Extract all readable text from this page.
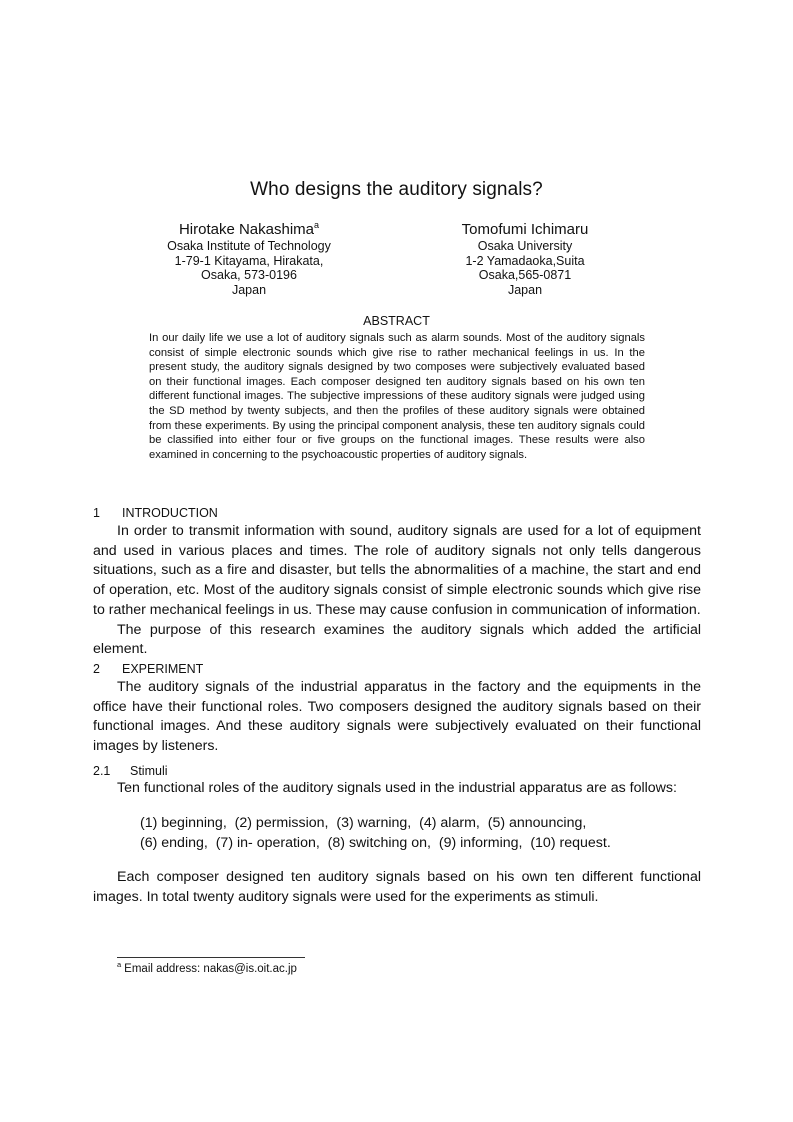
Who designs the auditory signals?
Hirotake Nakashima$^a$
Osaka Institute of Technology
1-79-1 Kitayama, Hirakata,
Osaka, 573-0196
Japan
Tomofumi Ichimaru
Osaka University
1-2 Yamadaoka,Suita
Osaka,565-0871
Japan
ABSTRACT
In our daily life we use a lot of auditory signals such as alarm sounds. Most of the auditory signals consist of simple electronic sounds which give rise to rather mechanical feelings in us. In the present study, the auditory signals designed by two composes were subjectively evaluated based on their functional images. Each composer designed ten auditory signals based on his own ten different functional images. The subjective impressions of these auditory signals were judged using the SD method by twenty subjects, and then the profiles of these auditory signals were obtained from these experiments. By using the principal component analysis, these ten auditory signals could be classified into either four or five groups on the functional images. These results were also examined in concerning to the psychoacoustic properties of auditory signals.
1 INTRODUCTION

In order to transmit information with sound, auditory signals are used for a lot of equipment and used in various places and times. The role of auditory signals not only tells dangerous situations, such as a fire and disaster, but tells the abnormalities of a machine, the start and end of operation, etc. Most of the auditory signals consist of simple electronic sounds which give rise to rather mechanical feelings in us. These may cause confusion in communication of information.

The purpose of this research examines the auditory signals which added the artificial element.

2 EXPERIMENT

The auditory signals of the industrial apparatus in the factory and the equipments in the office have their functional roles. Two composers designed the auditory signals based on their functional images. And these auditory signals were subjectively evaluated on their functional images by listeners.

2.1 Stimuli

Ten functional roles of the auditory signals used in the industrial apparatus are as follows:

(1) beginning,  (2) permission,  (3) warning,  (4) alarm,  (5) announcing,
(6) ending,  (7) in- operation,  (8) switching on,  (9) informing,  (10) request.

Each composer designed ten auditory signals based on his own ten different functional images. In total twenty auditory signals were used for the experiments as stimuli.

$^a$ Email address: nakas@is.oit.ac.jp
